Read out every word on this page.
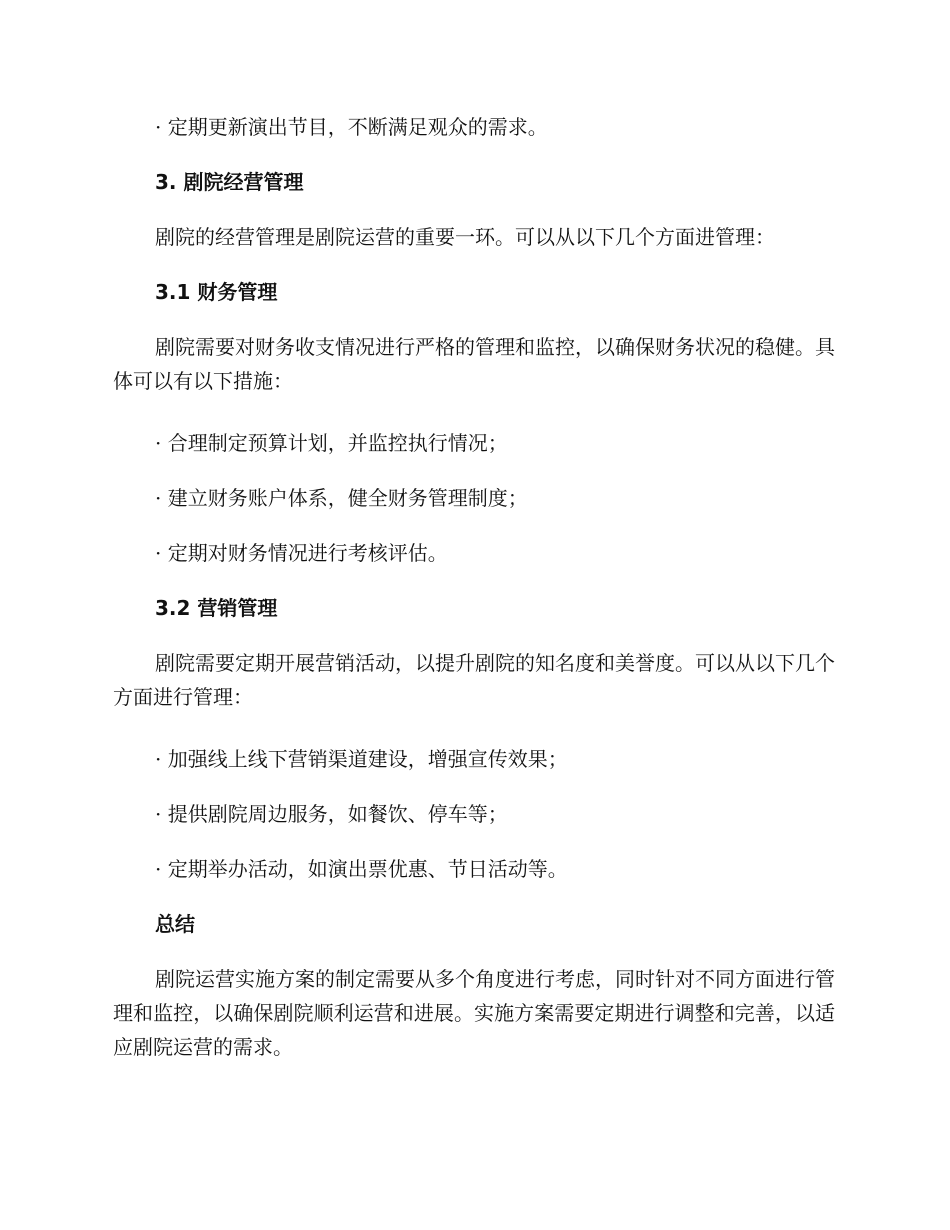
· 定期更新演出节目，不断满足观众的需求。
3. 剧院经营管理
剧院的经营管理是剧院运营的重要一环。可以从以下几个方面进管理：
3.1 财务管理
剧院需要对财务收支情况进行严格的管理和监控，以确保财务状况的稳健。具体可以有以下措施：
· 合理制定预算计划，并监控执行情况；
· 建立财务账户体系，健全财务管理制度；
· 定期对财务情况进行考核评估。
3.2 营销管理
剧院需要定期开展营销活动，以提升剧院的知名度和美誉度。可以从以下几个方面进行管理：
· 加强线上线下营销渠道建设，增强宣传效果；
· 提供剧院周边服务，如餐饮、停车等；
· 定期举办活动，如演出票优惠、节日活动等。
总结
剧院运营实施方案的制定需要从多个角度进行考虑，同时针对不同方面进行管理和监控，以确保剧院顺利运营和进展。实施方案需要定期进行调整和完善，以适应剧院运营的需求。
